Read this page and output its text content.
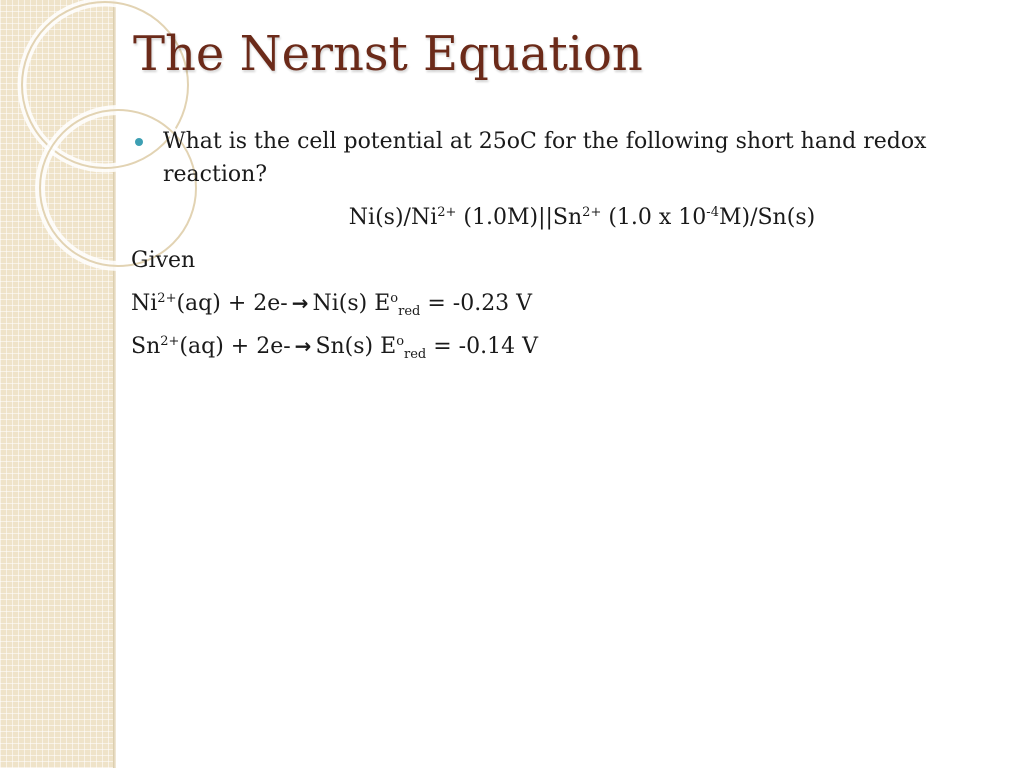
The Nernst Equation
What is the cell potential at 25oC for the following short hand redox reaction?
$Ni(s)/Ni^{2+}$ $(1.0M)||Sn^{2+}$ (1.0 x $10^{-4}M)/Sn(s)$
Given
$Ni^{2+}(aq) + 2e- \to Ni(s) E^o_{red} = -0.23$ V
$Sn^{2+}(aq) + 2e- \to Sn(s) E^o_{red} = -0.14$ V
